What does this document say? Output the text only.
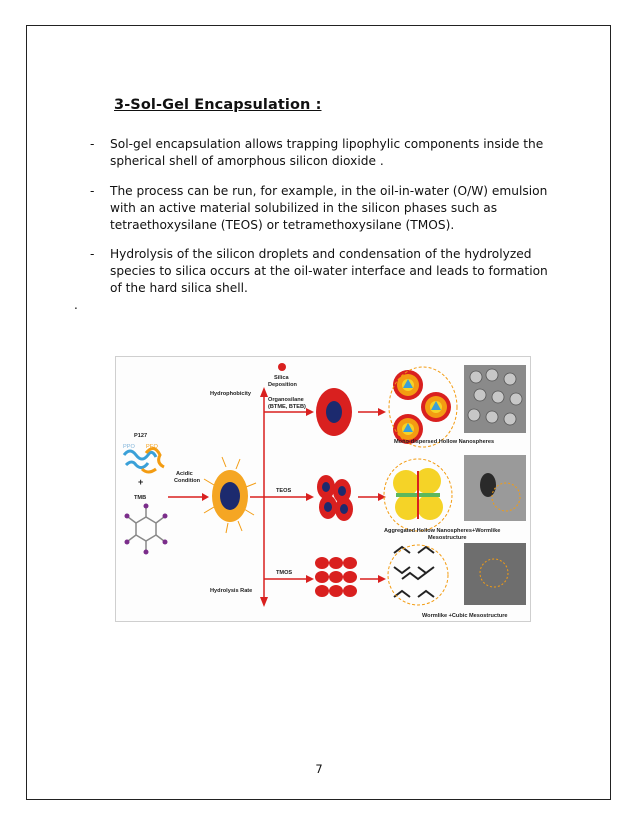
3-Sol-Gel Encapsulation :
-	Sol-gel encapsulation allows trapping lipophylic components inside the spherical shell of amorphous silicon dioxide .
-	The process can be run, for example, in the oil-in-water (O/W) emulsion with an active material solubilized in the silicon phases such as tetraethoxysilane (TEOS) or tetramethoxysilane (TMOS).
-	Hydrolysis of the silicon droplets and condensation of the hydrolyzed species to silica occurs at the oil-water interface and leads to formation of the hard silica shell.
.
P127
PPO PEO
+
TMB
Acidic
Condition
Hydrophobicity
Hydrolysis Rate
Silica
Deposition
Organosilane
(BTME, BTEB)
TEOS
TMOS
Mono-dispersed Hollow Nanospheres
Aggregated Hollow Nanospheres+Wormlike
Mesostructure
Wormlike +Cubic Mesostructure
7
